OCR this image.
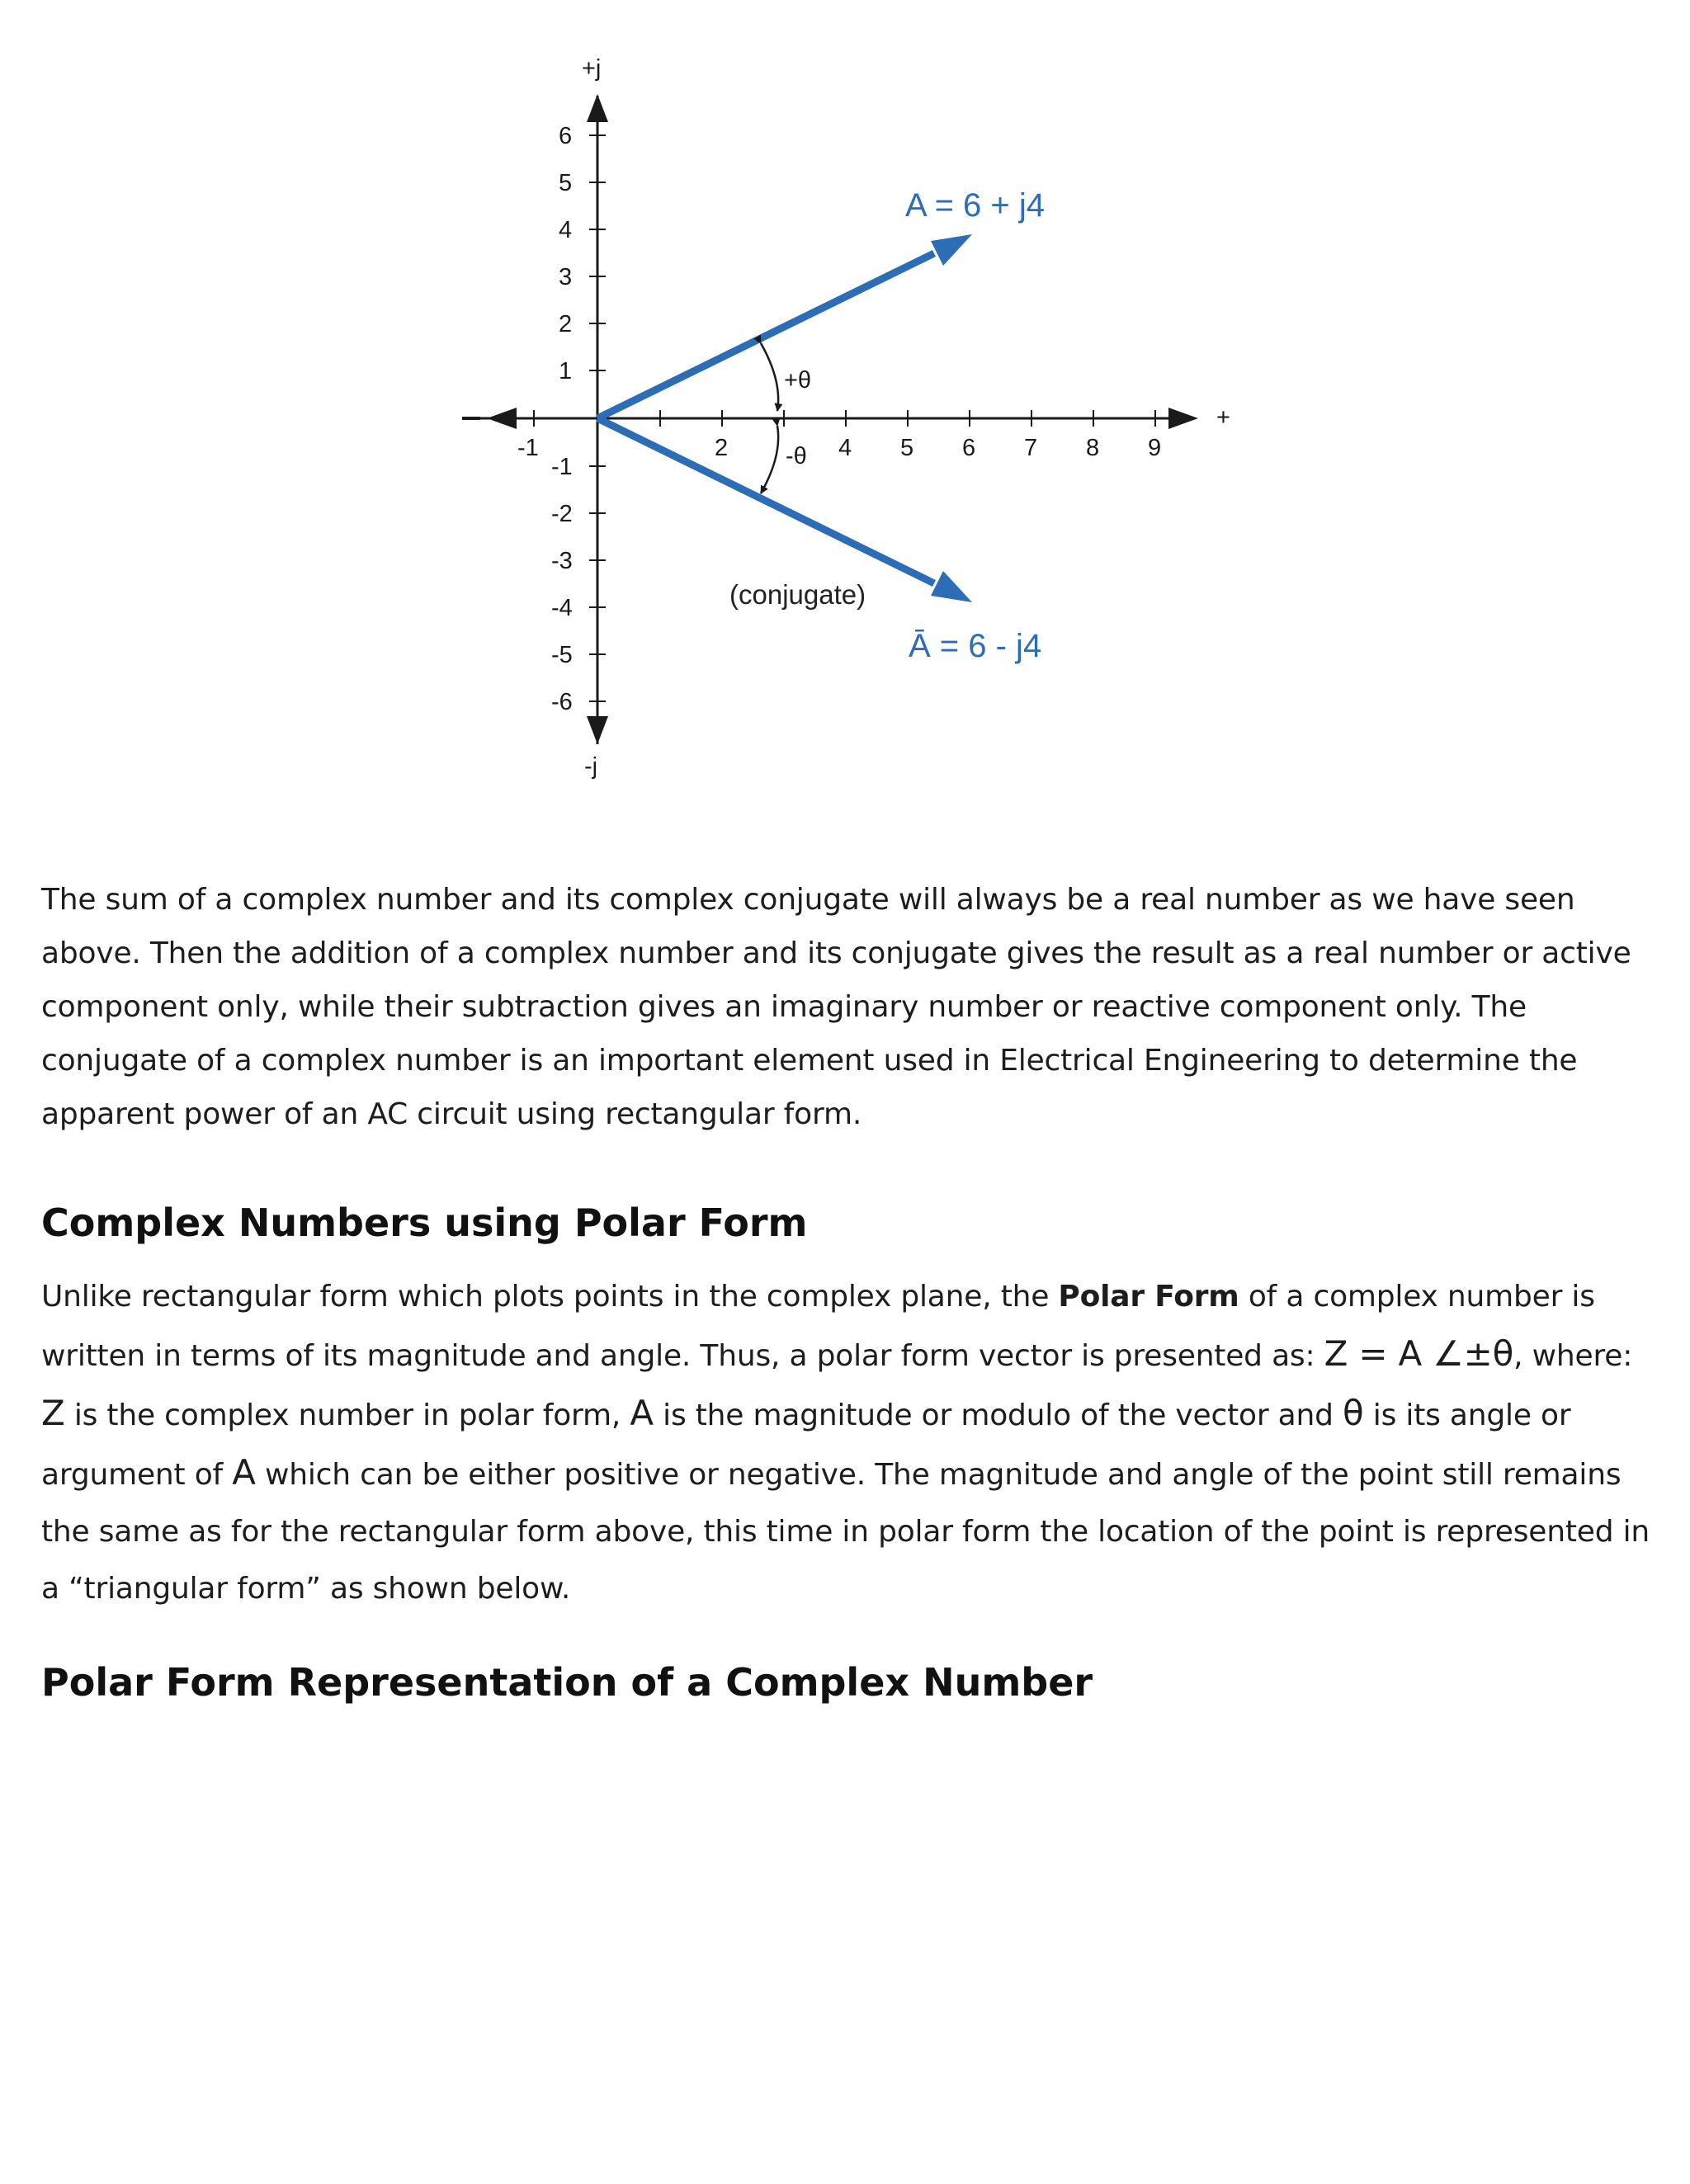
+j
-j
+
-1	2	4 5 6 7 8 9
6
5
4
3
2
1
-1
-2
-3
-4
-5
-6
+θ
-θ
A = 6 + j4
Ā = 6 - j4
(conjugate)

The sum of a complex number and its complex conjugate will always be a real number as we have seen above. Then the addition of a complex number and its conjugate gives the result as a real number or active component only, while their subtraction gives an imaginary number or reactive component only. The conjugate of a complex number is an important element used in Electrical Engineering to determine the apparent power of an AC circuit using rectangular form.

Complex Numbers using Polar Form

Unlike rectangular form which plots points in the complex plane, the Polar Form of a complex number is written in terms of its magnitude and angle. Thus, a polar form vector is presented as: Z = A ∠±θ, where: Z is the complex number in polar form, A is the magnitude or modulo of the vector and θ is its angle or argument of A which can be either positive or negative. The magnitude and angle of the point still remains the same as for the rectangular form above, this time in polar form the location of the point is represented in a “triangular form” as shown below.

Polar Form Representation of a Complex Number
